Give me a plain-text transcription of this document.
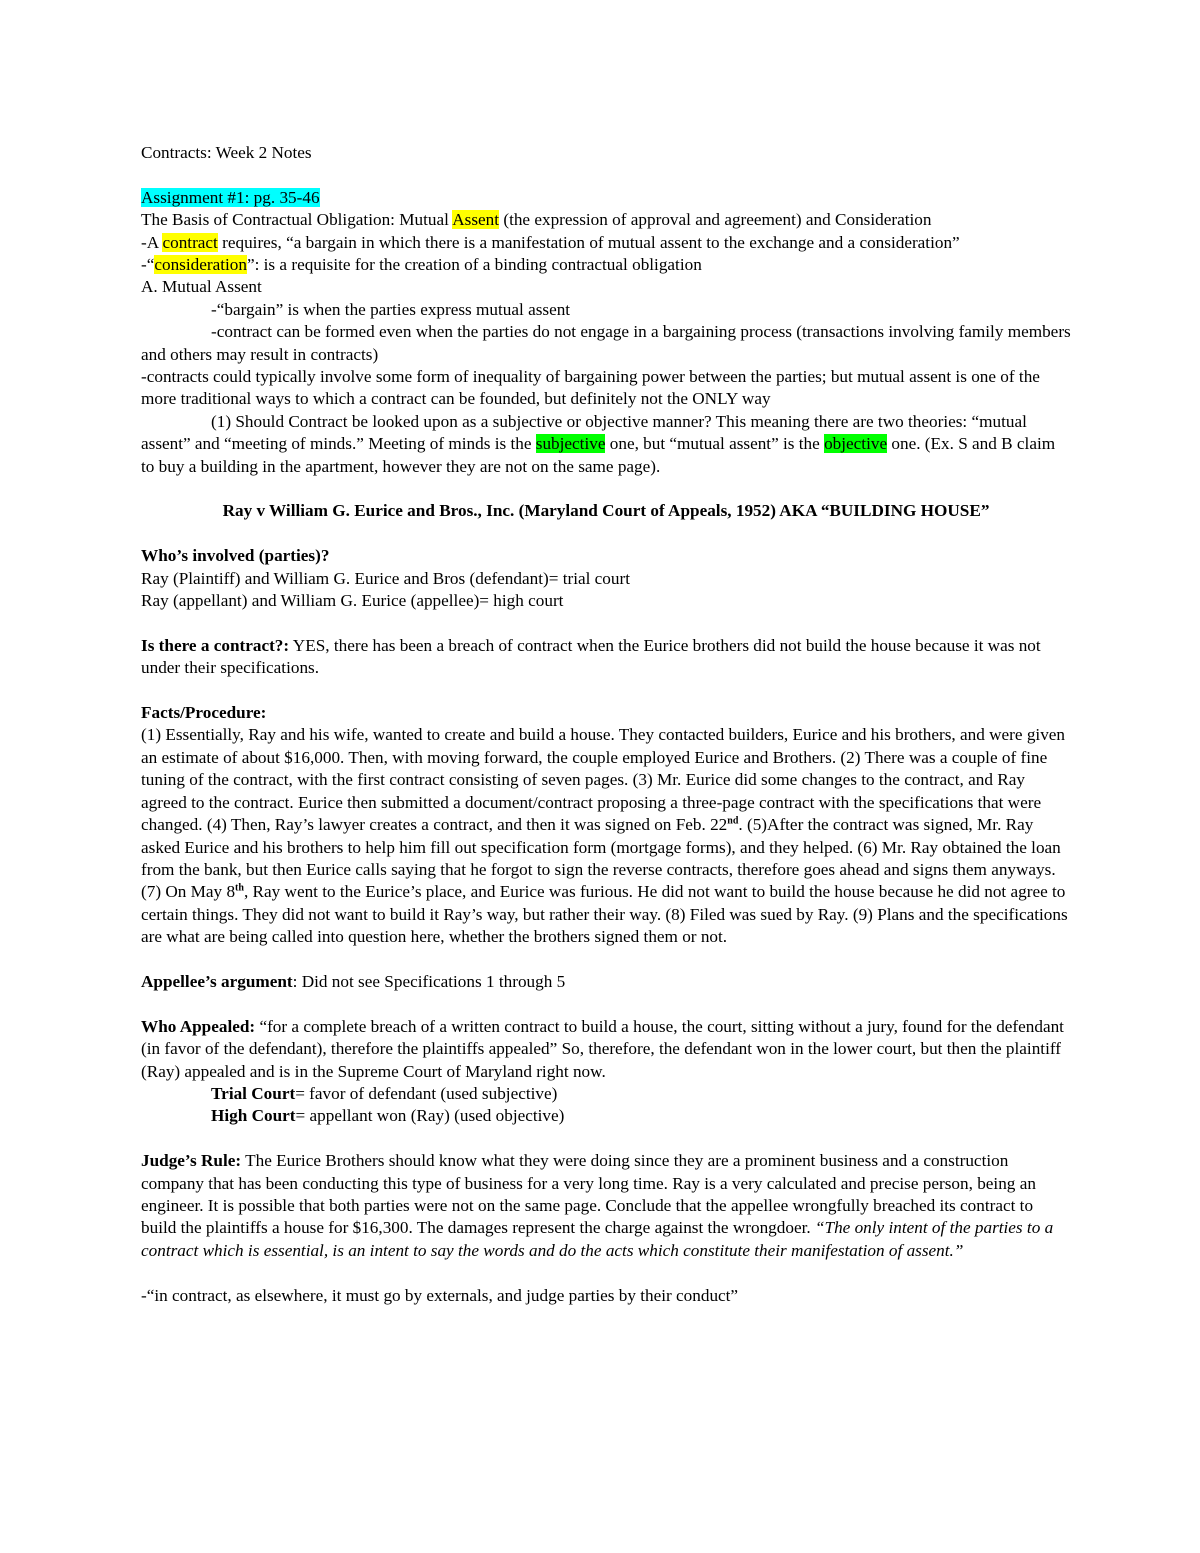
Contracts: Week 2 Notes

Assignment #1: pg. 35-46

The Basis of Contractual Obligation: Mutual Assent (the expression of approval and agreement) and Consideration

-A contract requires, “a bargain in which there is a manifestation of mutual assent to the exchange and a consideration”

-“consideration”: is a requisite for the creation of a binding contractual obligation

A. Mutual Assent

-“bargain” is when the parties express mutual assent

-contract can be formed even when the parties do not engage in a bargaining process (transactions involving family members and others may result in contracts)

-contracts could typically involve some form of inequality of bargaining power between the parties; but mutual assent is one of the more traditional ways to which a contract can be founded, but definitely not the ONLY way

(1) Should Contract be looked upon as a subjective or objective manner? This meaning there are two theories: “mutual assent” and “meeting of minds.” Meeting of minds is the subjective one, but “mutual assent” is the objective one. (Ex. S and B claim to buy a building in the apartment, however they are not on the same page).

Ray v William G. Eurice and Bros., Inc. (Maryland Court of Appeals, 1952) AKA “BUILDING HOUSE”

Who’s involved (parties)?

Ray (Plaintiff) and William G. Eurice and Bros (defendant)= trial court

Ray (appellant) and William G. Eurice (appellee)= high court

Is there a contract?: YES, there has been a breach of contract when the Eurice brothers did not build the house because it was not under their specifications.

Facts/Procedure:

(1) Essentially, Ray and his wife, wanted to create and build a house. They contacted builders, Eurice and his brothers, and were given an estimate of about $16,000. Then, with moving forward, the couple employed Eurice and Brothers. (2) There was a couple of fine tuning of the contract, with the first contract consisting of seven pages. (3) Mr. Eurice did some changes to the contract, and Ray agreed to the contract. Eurice then submitted a document/contract proposing a three-page contract with the specifications that were changed. (4) Then, Ray’s lawyer creates a contract, and then it was signed on Feb. 22nd. (5)After the contract was signed, Mr. Ray asked Eurice and his brothers to help him fill out specification form (mortgage forms), and they helped. (6) Mr. Ray obtained the loan from the bank, but then Eurice calls saying that he forgot to sign the reverse contracts, therefore goes ahead and signs them anyways. (7) On May 8th, Ray went to the Eurice’s place, and Eurice was furious. He did not want to build the house because he did not agree to certain things. They did not want to build it Ray’s way, but rather their way. (8) Filed was sued by Ray. (9) Plans and the specifications are what are being called into question here, whether the brothers signed them or not.

Appellee’s argument: Did not see Specifications 1 through 5

Who Appealed: “for a complete breach of a written contract to build a house, the court, sitting without a jury, found for the defendant (in favor of the defendant), therefore the plaintiffs appealed” So, therefore, the defendant won in the lower court, but then the plaintiff (Ray) appealed and is in the Supreme Court of Maryland right now.

Trial Court= favor of defendant (used subjective)

High Court= appellant won (Ray) (used objective)

Judge’s Rule: The Eurice Brothers should know what they were doing since they are a prominent business and a construction company that has been conducting this type of business for a very long time. Ray is a very calculated and precise person, being an engineer. It is possible that both parties were not on the same page. Conclude that the appellee wrongfully breached its contract to build the plaintiffs a house for $16,300. The damages represent the charge against the wrongdoer. “The only intent of the parties to a contract which is essential, is an intent to say the words and do the acts which constitute their manifestation of assent.”

-“in contract, as elsewhere, it must go by externals, and judge parties by their conduct”
